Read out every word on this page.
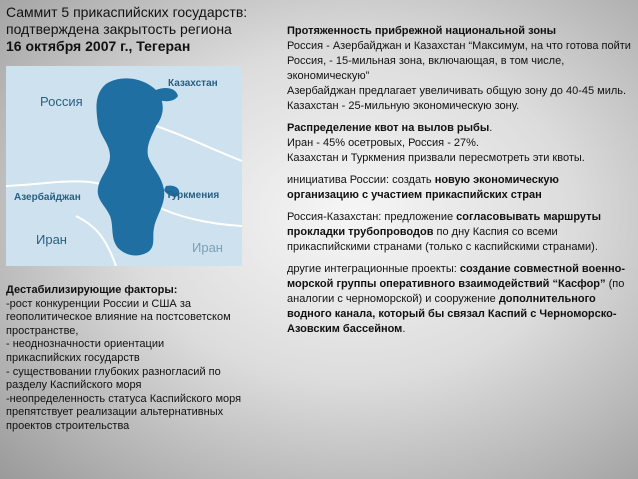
Саммит 5 прикаспийских государств:
подтверждена закрытость региона
16 октября 2007 г., Тегеран
Россия
Казахстан
Азербайджан	Туркмения
Иран
Иран
Дестабилизирующие факторы:
-рост конкуренции России и США за
геополитическое влияние на постсоветском
пространстве,
- неоднозначности ориентации
прикаспийских государств
- существовании глубоких разногласий по
разделу Каспийского моря
-неопределенность статуса Каспийского моря
препятствует реализации альтернативных
проектов строительства

Протяженность прибрежной национальной зоны
Россия - Азербайджан и Казахстан “Максимум, на что готова пойти Россия, - 15-мильная зона, включающая, в том числе, экономическую”
Азербайджан предлагает увеличивать общую зону до 40-45 миль. Казахстан - 25-мильную экономическую зону.

Распределение квот на вылов рыбы.
Иран - 45% осетровых, Россия - 27%.
Казахстан и Туркмения призвали пересмотреть эти квоты.

инициатива России: создать новую экономическую организацию с участием прикаспийских стран

Россия-Казахстан: предложение согласовывать маршруты прокладки трубопроводов по дну Каспия со всеми прикаспийскими странами (только с каспийскими странами).

другие интеграционные проекты: создание совместной военно-морской группы оперативного взаимодействий “Касфор” (по аналогии с черноморской) и сооружение дополнительного водного канала, который бы связал Каспий с Черноморско-Азовским бассейном.
